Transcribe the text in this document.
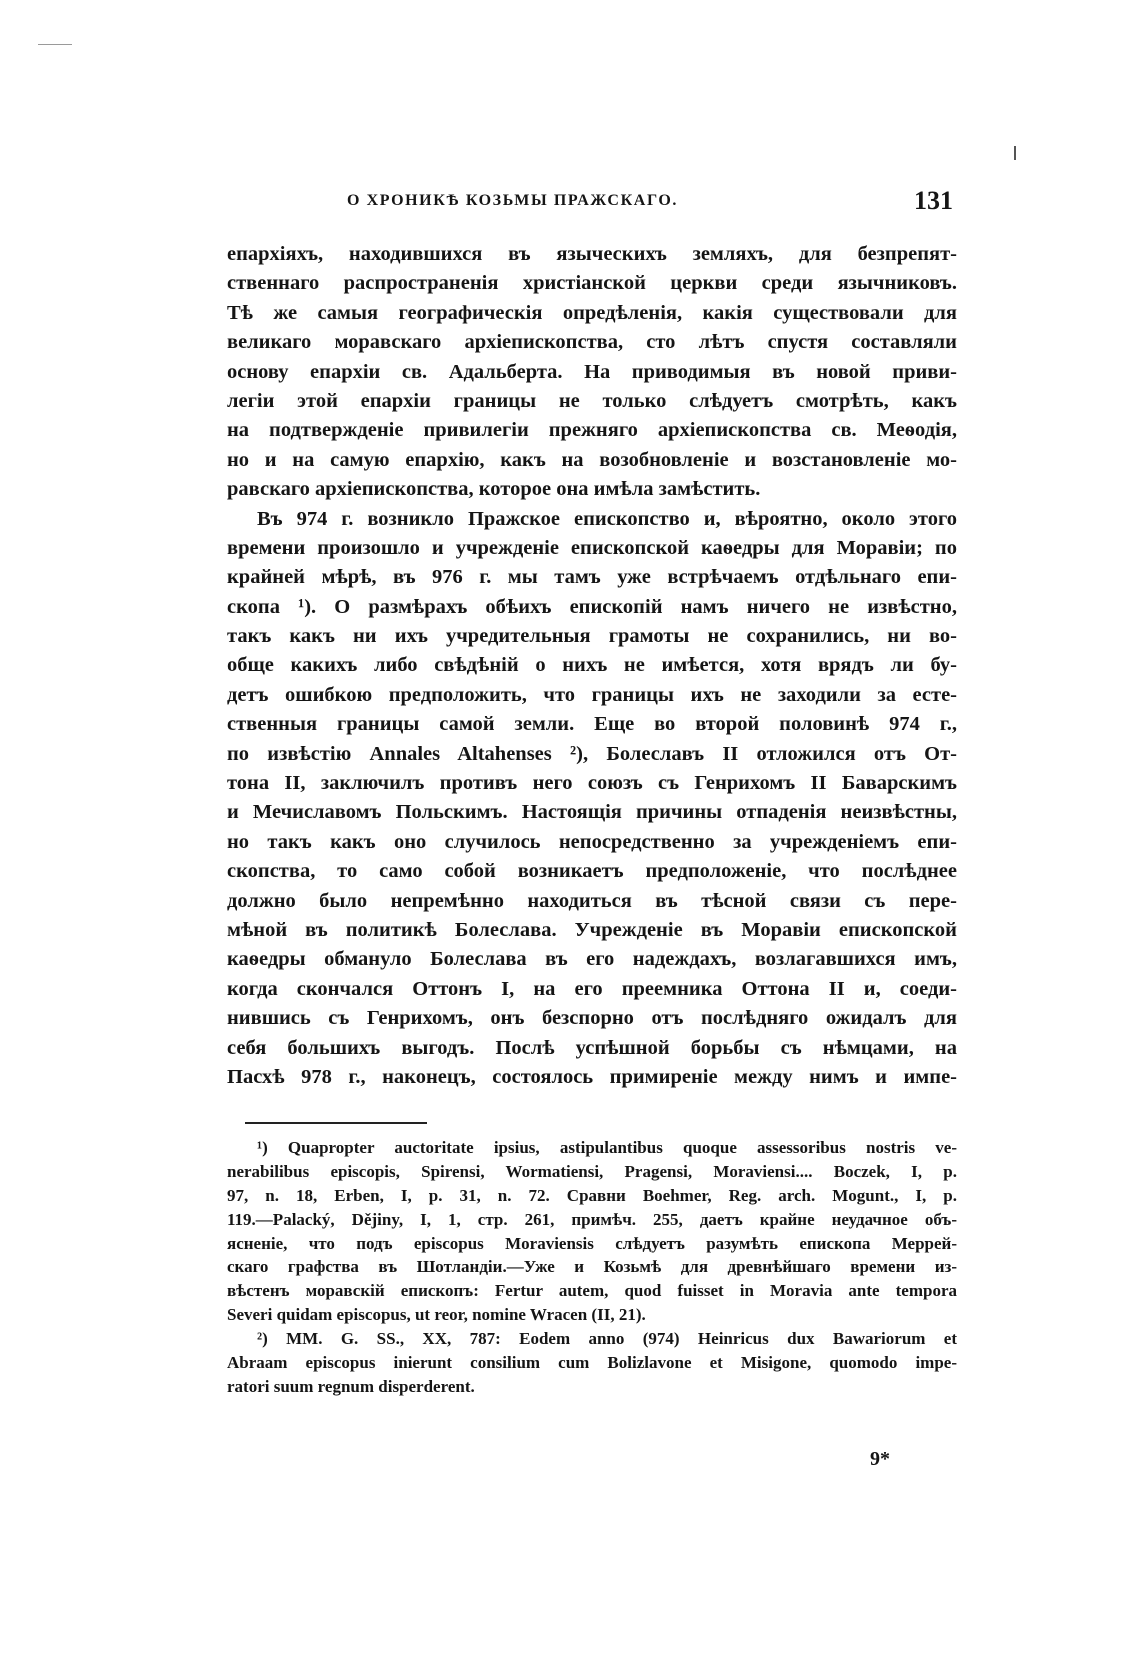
О ХРОНИКѢ КОЗЬМЫ ПРАЖСКАГО.	131
епархіяхъ, находившихся въ языческихъ земляхъ, для безпрепят-
ственнаго распространенія христіанской церкви среди язычниковъ.
Тѣ же самыя географическія опредѣленія, какія существовали для
великаго моравскаго архіепископства, сто лѣтъ спустя составляли
основу епархіи св. Адальберта. На приводимыя въ новой приви-
легіи этой епархіи границы не только слѣдуетъ смотрѣть, какъ
на подтвержденіе привилегіи прежняго архіепископства св. Меѳодія,
но и на самую епархію, какъ на возобновленіе и возстановленіе мо-
равскаго архіепископства, которое она имѣла замѣстить.
Въ 974 г. возникло Пражское епископство и, вѣроятно, около этого
времени произошло и учрежденіе епископской каѳедры для Моравіи; по
крайней мѣрѣ, въ 976 г. мы тамъ уже встрѣчаемъ отдѣльнаго епи-
скопа ¹). О размѣрахъ обѣихъ епископій намъ ничего не извѣстно,
такъ какъ ни ихъ учредительныя грамоты не сохранились, ни во-
обще какихъ либо свѣдѣній о нихъ не имѣется, хотя врядъ ли бу-
детъ ошибкою предположить, что границы ихъ не заходили за есте-
ственныя границы самой земли. Еще во второй половинѣ 974 г.,
по извѣстію Annales Altahenses ²), Болеславъ II отложился отъ От-
тона II, заключилъ противъ него союзъ съ Генрихомъ II Баварскимъ
и Мечиславомъ Польскимъ. Настоящія причины отпаденія неизвѣстны,
но такъ какъ оно случилось непосредственно за учрежденіемъ епи-
скопства, то само собой возникаетъ предположеніе, что послѣднее
должно было непремѣнно находиться въ тѣсной связи съ пере-
мѣной въ политикѣ Болеслава. Учрежденіе въ Моравіи епископской
каѳедры обмануло Болеслава въ его надеждахъ, возлагавшихся имъ,
когда скончался Оттонъ I, на его преемника Оттона II и, соеди-
нившись съ Генрихомъ, онъ безспорно отъ послѣдняго ожидалъ для
себя большихъ выгодъ. Послѣ успѣшной борьбы съ нѣмцами, на
Пасхѣ 978 г., наконецъ, состоялось примиреніе между нимъ и импе-
¹) Quapropter auctoritate ipsius, astipulantibus quoque assessoribus nostris ve-
nerabilibus episcopis, Spirensi, Wormatiensi, Pragensi, Moraviensi.... Boczek, I, p.
97, n. 18, Erben, I, p. 31, n. 72. Сравни Boehmer, Reg. arch. Mogunt., I, p.
119.—Palacký, Dějiny, I, 1, стр. 261, примѣч. 255, даетъ крайне неудачное объ-
ясненіе, что подъ episcopus Moraviensis слѣдуетъ разумѣть епископа Меррей-
скаго графства въ Шотландіи.—Уже и Козьмѣ для древнѣйшаго времени из-
вѣстенъ моравскій епископъ: Fertur autem, quod fuisset in Moravia ante tempora
Severi quidam episcopus, ut reor, nomine Wracen (II, 21).
²) MM. G. SS., XX, 787: Eodem anno (974) Heinricus dux Bawariorum et
Abraam episcopus inierunt consilium cum Bolizlavone et Misigone, quomodo impe-
ratori suum regnum disperderent.
9*
